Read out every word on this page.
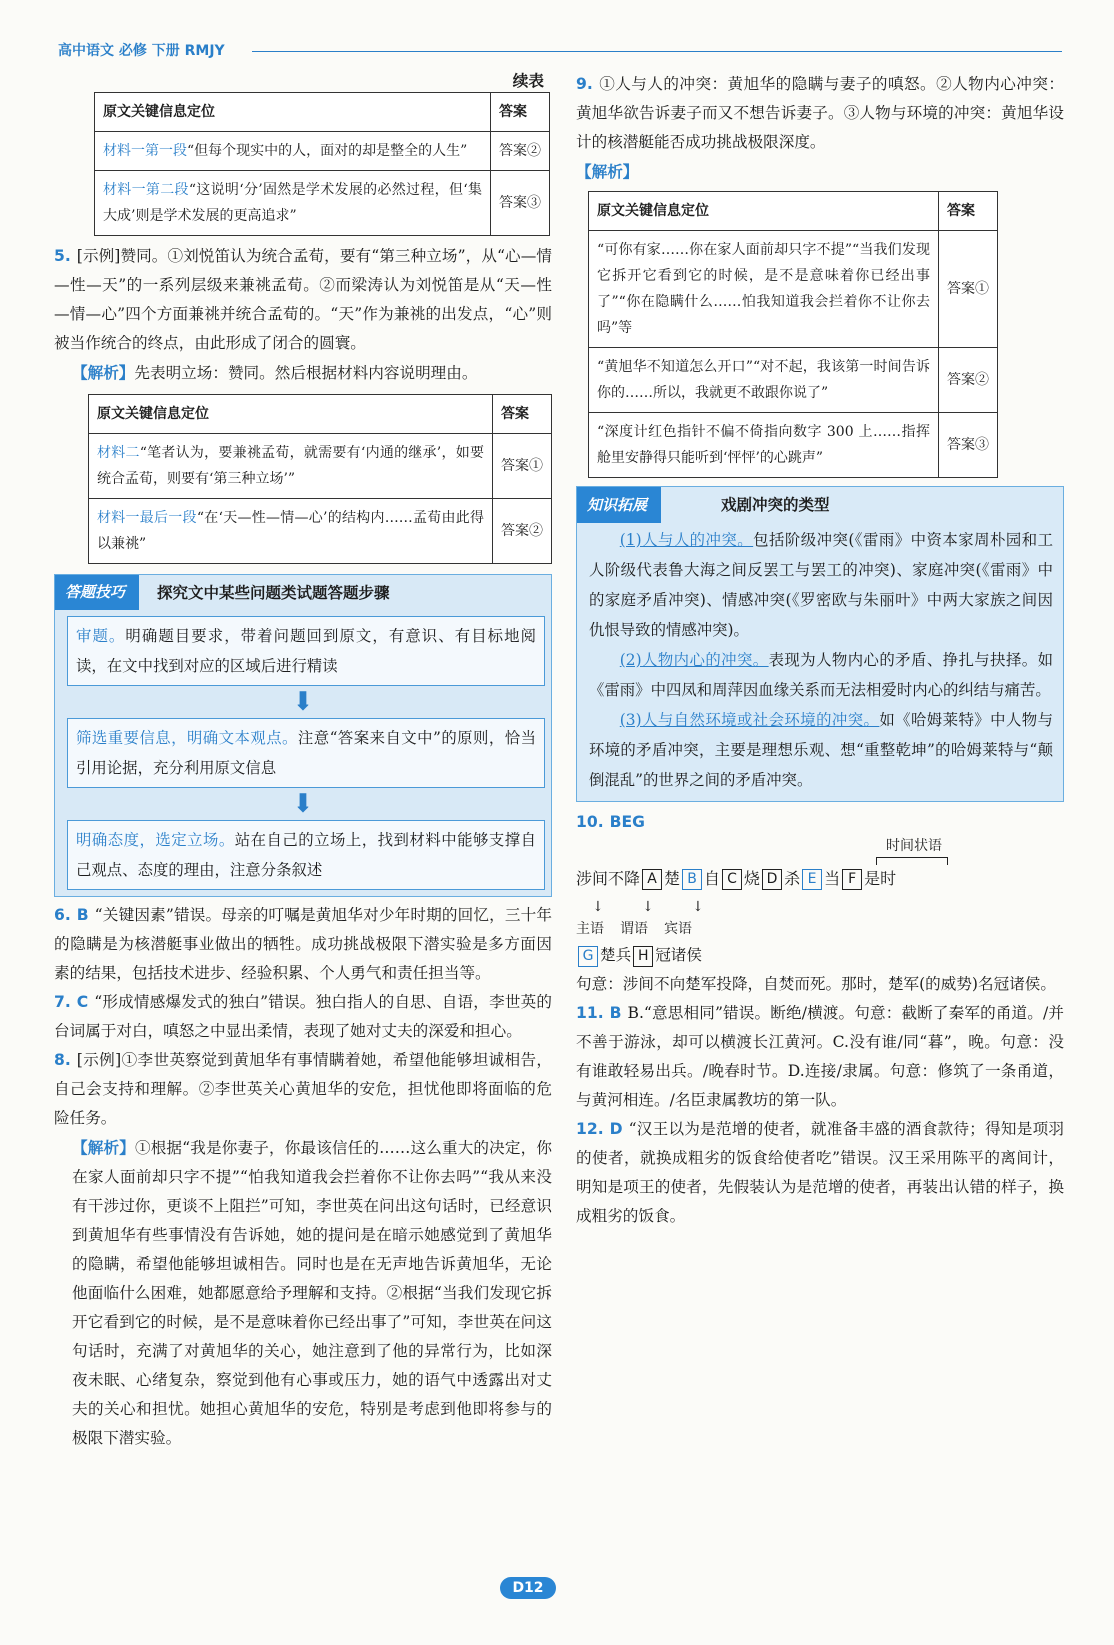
高中语文 必修 下册 RMJY
续表
原文关键信息定位	答案
材料一第一段“但每个现实中的人，面对的却是整全的人生”	答案②
材料一第二段“这说明‘分’固然是学术发展的必然过程，但‘集大成’则是学术发展的更高追求”	答案③
5. [示例]赞同。①刘悦笛认为统合孟荀，要有“第三种立场”，从“心—情—性—天”的一系列层级来兼祧孟荀。②而梁涛认为刘悦笛是从“天—性—情—心”四个方面兼祧并统合孟荀的。“天”作为兼祧的出发点，“心”则被当作统合的终点，由此形成了闭合的圆寰。
【解析】先表明立场：赞同。然后根据材料内容说明理由。
原文关键信息定位	答案
材料二“笔者认为，要兼祧孟荀，就需要有‘内通的继承’，如要统合孟荀，则要有‘第三种立场’”	答案①
材料一最后一段“在‘天—性—情—心’的结构内……孟荀由此得以兼祧”	答案②
答题技巧	探究文中某些问题类试题答题步骤
审题。明确题目要求，带着问题回到原文，有意识、有目标地阅读，在文中找到对应的区域后进行精读
⬇
筛选重要信息，明确文本观点。注意“答案来自文中”的原则，恰当引用论据，充分利用原文信息
⬇
明确态度，选定立场。站在自己的立场上，找到材料中能够支撑自己观点、态度的理由，注意分条叙述
6. B “关键因素”错误。母亲的叮嘱是黄旭华对少年时期的回忆，三十年的隐瞒是为核潜艇事业做出的牺牲。成功挑战极限下潜实验是多方面因素的结果，包括技术进步、经验积累、个人勇气和责任担当等。
7. C “形成情感爆发式的独白”错误。独白指人的自思、自语，李世英的台词属于对白，嗔怒之中显出柔情，表现了她对丈夫的深爱和担心。
8. [示例]①李世英察觉到黄旭华有事情瞒着她，希望他能够坦诚相告，自己会支持和理解。②李世英关心黄旭华的安危，担忧他即将面临的危险任务。
【解析】①根据“我是你妻子，你最该信任的……这么重大的决定，你在家人面前却只字不提”“怕我知道我会拦着你不让你去吗”“我从来没有干涉过你，更谈不上阻拦”可知，李世英在问出这句话时，已经意识到黄旭华有些事情没有告诉她，她的提问是在暗示她感觉到了黄旭华的隐瞒，希望他能够坦诚相告。同时也是在无声地告诉黄旭华，无论他面临什么困难，她都愿意给予理解和支持。②根据“当我们发现它拆开它看到它的时候，是不是意味着你已经出事了”可知，李世英在问这句话时，充满了对黄旭华的关心，她注意到了他的异常行为，比如深夜未眠、心绪复杂，察觉到他有心事或压力，她的语气中透露出对丈夫的关心和担忧。她担心黄旭华的安危，特别是考虑到他即将参与的极限下潜实验。
9. ①人与人的冲突：黄旭华的隐瞒与妻子的嗔怒。②人物内心冲突：黄旭华欲告诉妻子而又不想告诉妻子。③人物与环境的冲突：黄旭华设计的核潜艇能否成功挑战极限深度。
【解析】
原文关键信息定位	答案
“可你有家……你在家人面前却只字不提”“当我们发现它拆开它看到它的时候，是不是意味着你已经出事了”“你在隐瞒什么……怕我知道我会拦着你不让你去吗”等	答案①
“黄旭华不知道怎么开口”“对不起，我该第一时间告诉你的……所以，我就更不敢跟你说了”	答案②
“深度计红色指针不偏不倚指向数字 300 上……指挥舱里安静得只能听到‘怦怦’的心跳声”	答案③
知识拓展	戏剧冲突的类型
(1)人与人的冲突。包括阶级冲突(《雷雨》中资本家周朴园和工人阶级代表鲁大海之间反罢工与罢工的冲突)、家庭冲突(《雷雨》中的家庭矛盾冲突)、情感冲突(《罗密欧与朱丽叶》中两大家族之间因仇恨导致的情感冲突)。
(2)人物内心的冲突。表现为人物内心的矛盾、挣扎与抉择。如《雷雨》中四凤和周萍因血缘关系而无法相爱时内心的纠结与痛苦。
(3)人与自然环境或社会环境的冲突。如《哈姆莱特》中人物与环境的矛盾冲突，主要是理想乐观、想“重整乾坤”的哈姆莱特与“颠倒混乱”的世界之间的矛盾冲突。
10. BEG
时间状语
涉间不降 A 楚 B 自 C 烧 D 杀 E 当 F 是时
↓	↓	↓
主语 谓语 宾语
G 楚兵 H 冠诸侯
句意：涉间不向楚军投降，自焚而死。那时，楚军(的威势)名冠诸侯。
11. B B.“意思相同”错误。断绝/横渡。句意：截断了秦军的甬道。/并不善于游泳，却可以横渡长江黄河。C.没有谁/同“暮”，晚。句意：没有谁敢轻易出兵。/晚春时节。D.连接/隶属。句意：修筑了一条甬道，与黄河相连。/名臣隶属教坊的第一队。
12. D “汉王以为是范增的使者，就准备丰盛的酒食款待；得知是项羽的使者，就换成粗劣的饭食给使者吃”错误。汉王采用陈平的离间计，明知是项王的使者，先假装认为是范增的使者，再装出认错的样子，换成粗劣的饭食。
D12
